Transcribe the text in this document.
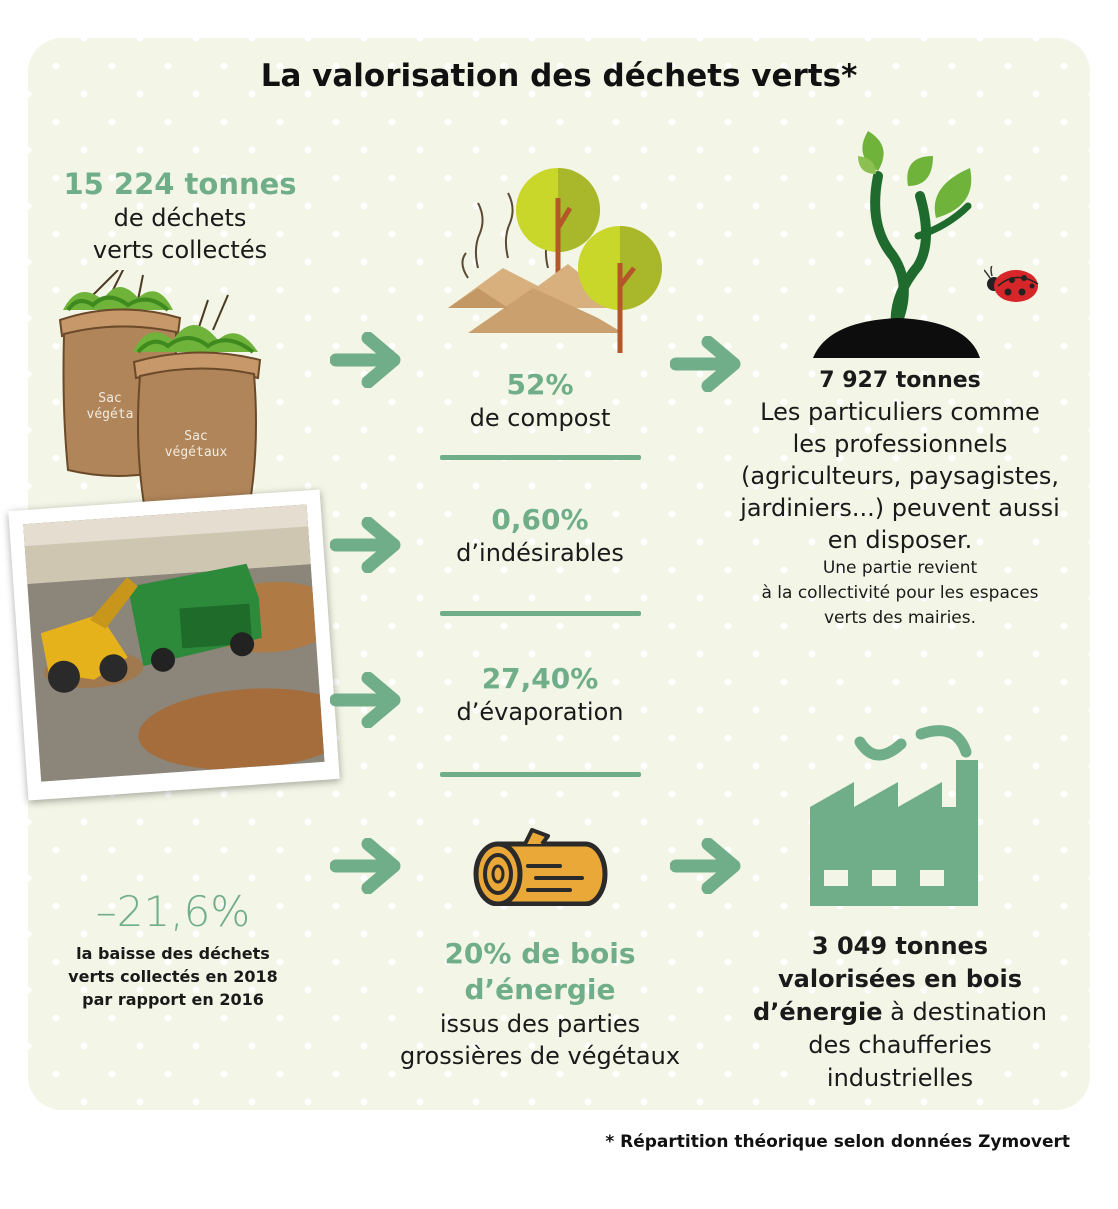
La valorisation des déchets verts*
15 224 tonnes
de déchets
verts collectés
Sac
végéta
Sac
végétaux
52%
de compost
0,60%
d’indésirables
27,40%
d’évaporation
20% de bois
d’énergie
issus des parties
grossières de végétaux
7 927 tonnes
Les particuliers comme
les professionnels
(agriculteurs, paysagistes,
jardiniers...) peuvent aussi
en disposer.
Une partie revient
à la collectivité pour les espaces
verts des mairies.
3 049 tonnes
valorisées en bois
d’énergie à destination
des chaufferies
industrielles
–21,6%
la baisse des déchets
verts collectés en 2018
par rapport en 2016
* Répartition théorique selon données Zymovert
